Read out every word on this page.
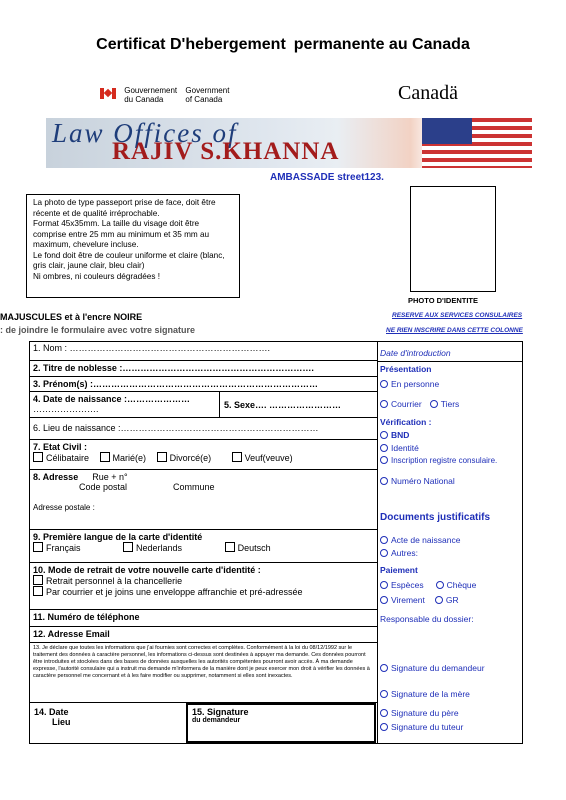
Certificat D'hebergement permanente au Canada
Gouvernement
du Canada Government
of Canada	Canadä
Law Offices of
RAJIV S.KHANNA
AMBASSADE street123.

La photo de type passeport prise de face, doit être récente et de qualité irréprochable.

Format 45x35mm. La taille du visage doit être comprise entre 25 mm au minimum et 35 mm au maximum, chevelure incluse.

Le fond doit être de couleur uniforme et claire (blanc, gris clair, jaune clair, bleu clair)

Ni ombres, ni couleurs dégradées !

PHOTO D'IDENTITE
MAJUSCULES et à l'encre NOIRE
: de joindre le formulaire avec votre signature
RESERVE AUX SERVICES CONSULAIRES
NE RIEN INSCRIRE DANS CETTE COLONNE
1. Nom : ………………………………………………………….
2. Titre de noblesse :……………………………………………………….
3. Prénom(s) :…………………………………………………………………
4. Date de naissance :…………………
………………….	5. Sexe…. ……………………
6. Lieu de naissance :…………………………………………………………
7. Etat Civil :
Célibataire	Marié(e)	Divorcé(e)	Veuf(veuve)
8. Adresse Rue + n°
Code postal	Commune

Adresse postale :
9. Première langue de la carte d'identité
Français	Nederlands	Deutsch
10. Mode de retrait de votre nouvelle carte d'identité :
Retrait personnel à la chancellerie
Par courrier et je joins une enveloppe affranchie et pré-adressée
11. Numéro de téléphone
12. Adresse Email
13. Je déclare que toutes les informations que j'ai fournies sont correctes et complètes. Conformément à la loi du 08/12/1992 sur le traitement des données à caractère personnel, les informations ci-dessus sont destinées à appuyer ma demande. Ces données pourront être introduites et stockées dans des bases de données auxquelles les autorités compétentes pourront avoir accès. À ma demande expresse, l'autorité consulaire qui a instruit ma demande m'informera de la manière dont je peux exercer mon droit à vérifier les données à caractère personnel me concernant et à les faire modifier ou supprimer, notamment si elles sont inexactes.
14. Date
Lieu
15. Signature
du demandeur
Date d'introduction
Présentation
En personne
Courrier Tiers
Vérification :
BND
Identité
Inscription registre consulaire.
Numéro National
Documents justificatifs
Acte de naissance
Autres:
Paiement
Espèces	Chèque
Virement GR
Responsable du dossier:
Signature du demandeur
Signature de la mère
Signature du père
Signature du tuteur
